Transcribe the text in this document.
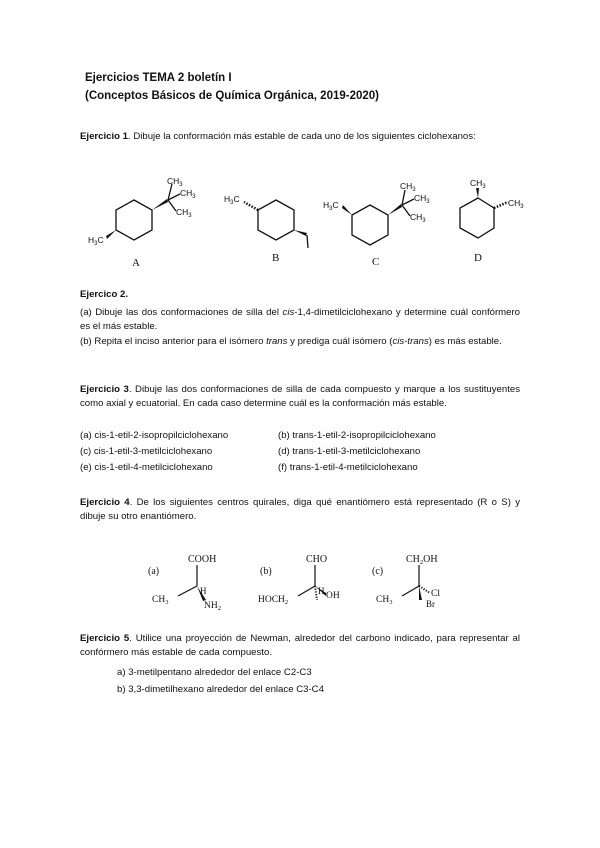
Ejercicios TEMA 2 boletín I
(Conceptos Básicos de Química Orgánica, 2019-2020)
Ejercicio 1. Dibuje la conformación más estable de cada uno de los siguientes ciclohexanos:
$CH_3$
$CH_3$
$CH_3$
$H_3C$
$H_3C$
$H_3C$
$CH_3$
$CH_3$
$CH_3$
$CH_3$
$CH_3$
A	B	C	D
Ejercico 2.
(a) Dibuje las dos conformaciones de silla del cis-1,4-dimetilciclohexano y determine cuál confórmero es el más estable.
(b) Repita el inciso anterior para el isómero trans y prediga cuál isómero (cis-trans) es más estable.
Ejercicio 3. Dibuje las dos conformaciones de silla de cada compuesto y marque a los sustituyentes como axial y ecuatorial. En cada caso determine cuál es la conformación más estable.
(a) cis-1-etil-2-isopropilciclohexano	(b) trans-1-etil-2-isopropilciclohexano
(c) cis-1-etil-3-metilciclohexano	(d) trans-1-etil-3-metilciclohexano
(e) cis-1-etil-4-metilciclohexano	(f) trans-1-etil-4-metilciclohexano
Ejercicio 4. De los siguientes centros quirales, diga qué enantiómero está representado (R o S) y dibuje su otro enantiómero.
(a)
COOH
H
$CH_3$	$NH_2$
(b)
CHO
H
$HOCH_2$
OH
(c)
$CH_2OH$
$CH_3$
Cl
Br
Ejercicio 5. Utilice una proyección de Newman, alrededor del carbono indicado, para representar al confórmero más estable de cada compuesto.
a) 3-metilpentano alrededor del enlace C2-C3
b) 3,3-dimetilhexano alrededor del enlace C3-C4
